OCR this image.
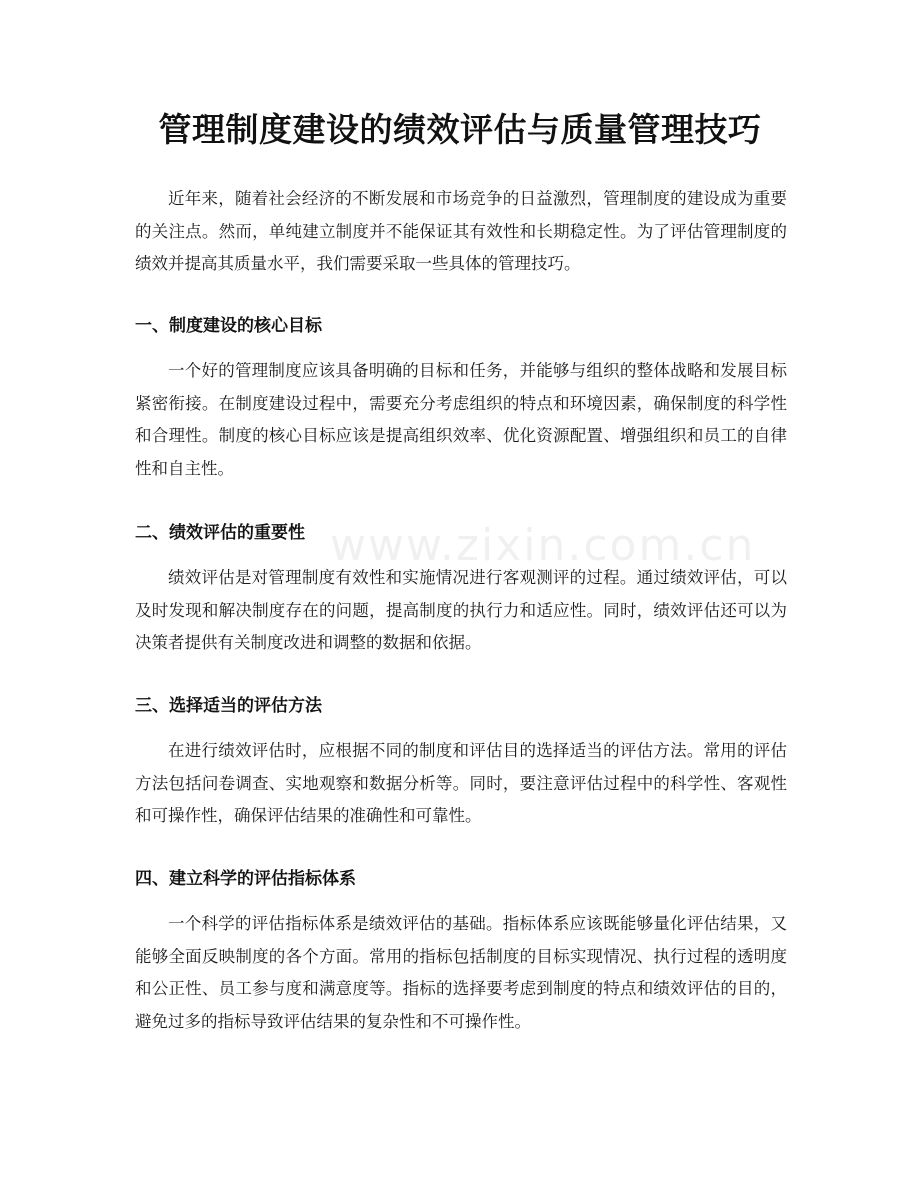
www.zixin.com.cn
管理制度建设的绩效评估与质量管理技巧

近年来，随着社会经济的不断发展和市场竞争的日益激烈，管理制度的建设成为重要的关注点。然而，单纯建立制度并不能保证其有效性和长期稳定性。为了评估管理制度的绩效并提高其质量水平，我们需要采取一些具体的管理技巧。

一、制度建设的核心目标

一个好的管理制度应该具备明确的目标和任务，并能够与组织的整体战略和发展目标紧密衔接。在制度建设过程中，需要充分考虑组织的特点和环境因素，确保制度的科学性和合理性。制度的核心目标应该是提高组织效率、优化资源配置、增强组织和员工的自律性和自主性。

二、绩效评估的重要性

绩效评估是对管理制度有效性和实施情况进行客观测评的过程。通过绩效评估，可以及时发现和解决制度存在的问题，提高制度的执行力和适应性。同时，绩效评估还可以为决策者提供有关制度改进和调整的数据和依据。

三、选择适当的评估方法

在进行绩效评估时，应根据不同的制度和评估目的选择适当的评估方法。常用的评估方法包括问卷调查、实地观察和数据分析等。同时，要注意评估过程中的科学性、客观性和可操作性，确保评估结果的准确性和可靠性。

四、建立科学的评估指标体系

一个科学的评估指标体系是绩效评估的基础。指标体系应该既能够量化评估结果，又能够全面反映制度的各个方面。常用的指标包括制度的目标实现情况、执行过程的透明度和公正性、员工参与度和满意度等。指标的选择要考虑到制度的特点和绩效评估的目的，避免过多的指标导致评估结果的复杂性和不可操作性。
